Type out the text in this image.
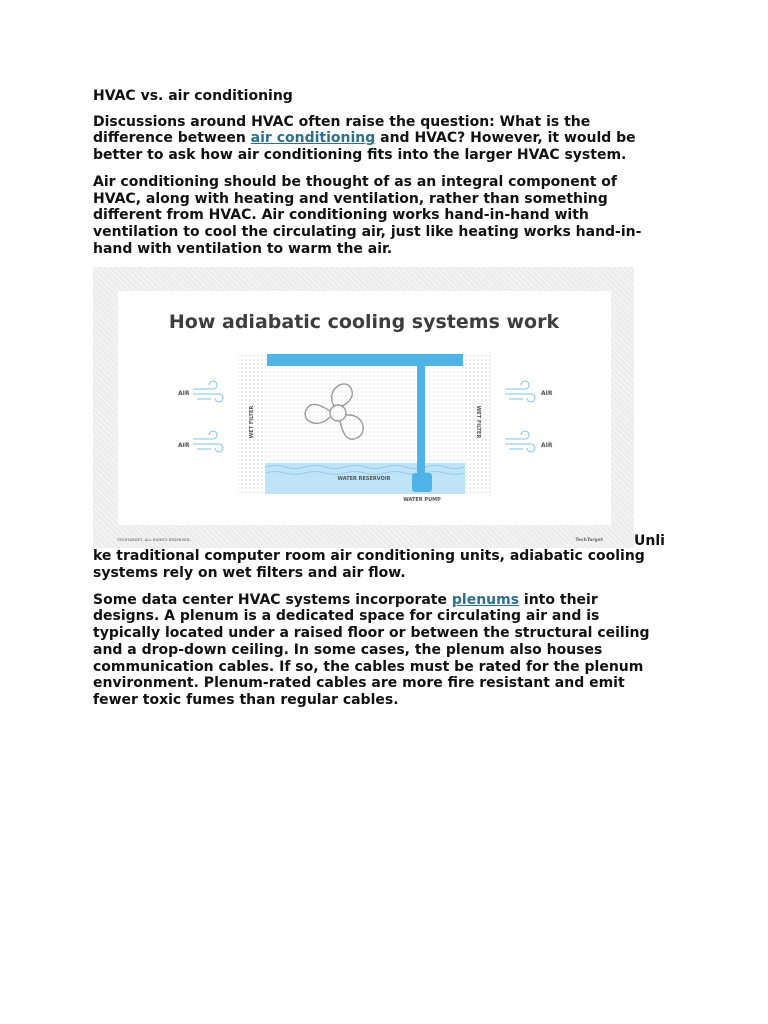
HVAC vs. air conditioning

Discussions around HVAC often raise the question: What is the difference between air conditioning and HVAC? However, it would be better to ask how air conditioning fits into the larger HVAC system.

Air conditioning should be thought of as an integral component of HVAC, along with heating and ventilation, rather than something different from HVAC. Air conditioning works hand-in-hand with ventilation to cool the circulating air, just like heating works hand-in-hand with ventilation to warm the air.

How adiabatic cooling systems work
WATER RESERVOIR
WATER PUMP
WET FILTER	WET FILTER
AIR
AIR
AIR
AIR
TECHTARGET. ALL RIGHTS RESERVED.	TechTarget Unli

ke traditional computer room air conditioning units, adiabatic cooling systems rely on wet filters and air flow.

Some data center HVAC systems incorporate plenums into their designs. A plenum is a dedicated space for circulating air and is typically located under a raised floor or between the structural ceiling and a drop-down ceiling. In some cases, the plenum also houses communication cables. If so, the cables must be rated for the plenum environment. Plenum-rated cables are more fire resistant and emit fewer toxic fumes than regular cables.
